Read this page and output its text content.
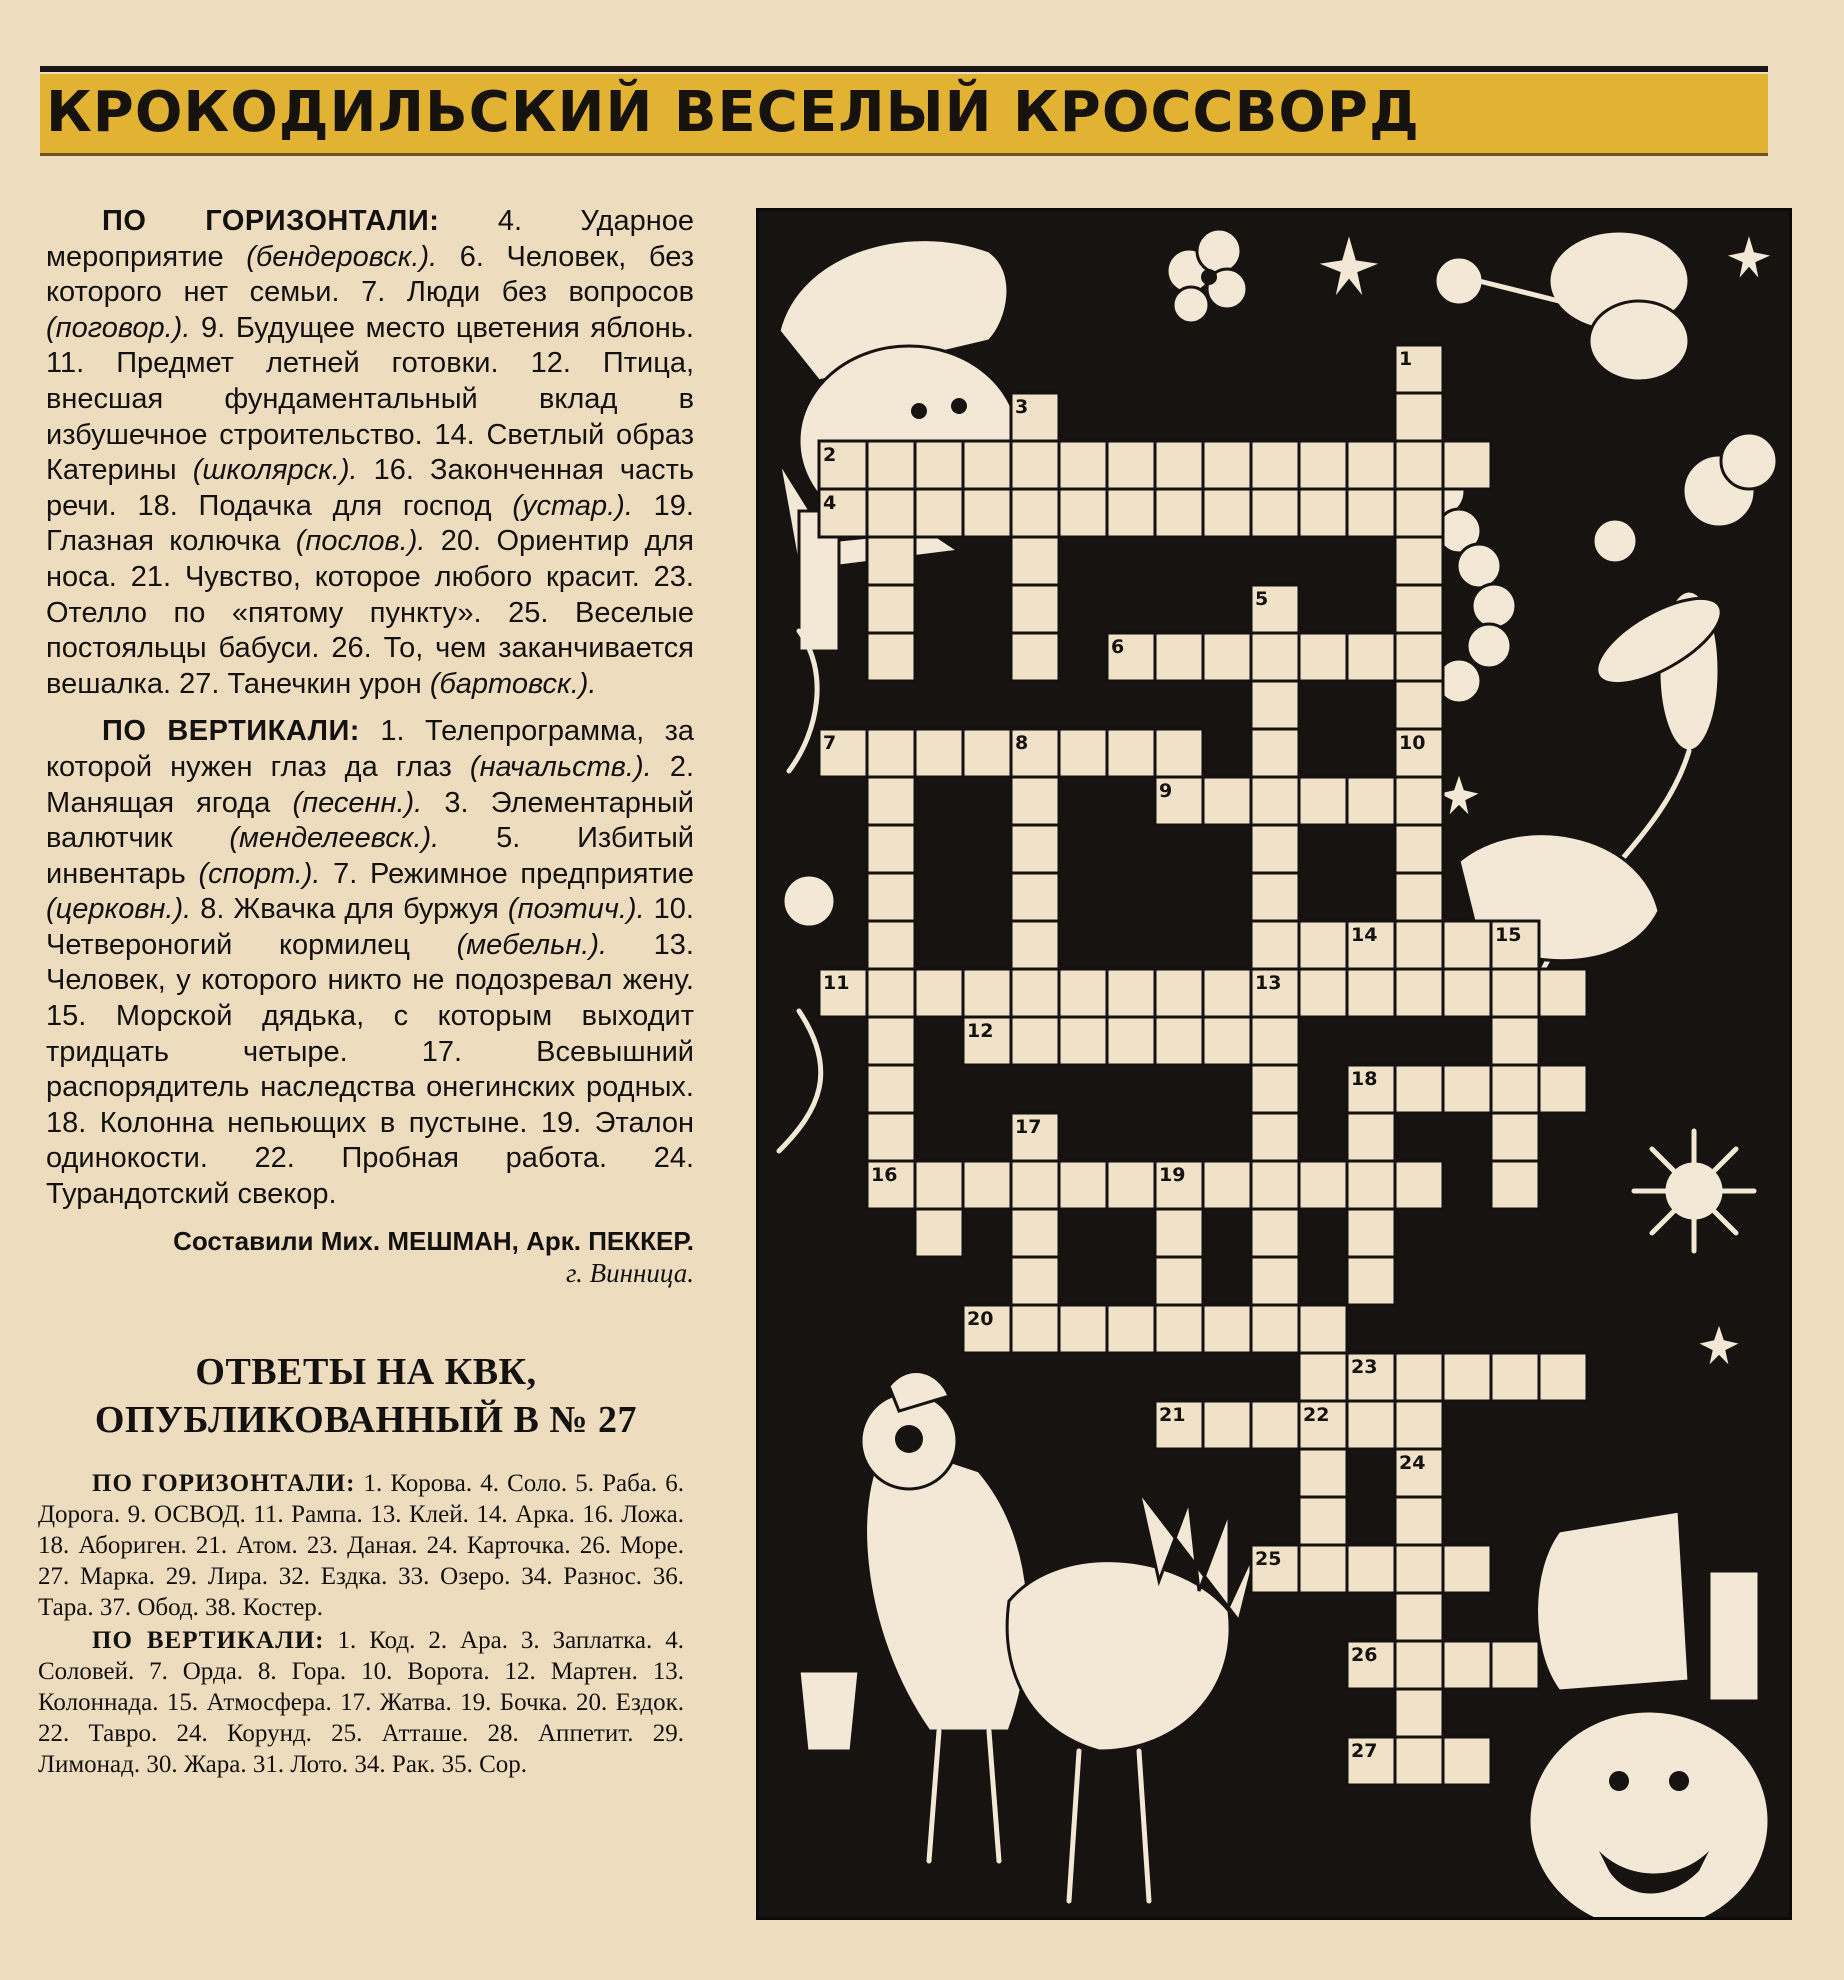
КРОКОДИЛЬСКИЙ ВЕСЕЛЫЙ КРОССВОРД

ПО ГОРИЗОНТАЛИ: 4. Ударное мероприятие (бендеровск.). 6. Человек, без которого нет семьи. 7. Люди без вопросов (поговор.). 9. Будущее место цветения яблонь. 11. Предмет летней готовки. 12. Птица, внесшая фундаментальный вклад в избушечное строительство. 14. Светлый образ Катерины (школярск.). 16. Законченная часть речи. 18. Подачка для господ (устар.). 19. Глазная колючка (послов.). 20. Ориентир для носа. 21. Чувство, которое любого красит. 23. Отелло по «пятому пункту». 25. Веселые постояльцы бабуси. 26. То, чем заканчивается вешалка. 27. Танечкин урон (бартовск.).

ПО ВЕРТИКАЛИ: 1. Телепрограмма, за которой нужен глаз да глаз (начальств.). 2. Манящая ягода (песенн.). 3. Элементарный валютчик (менделеевск.). 5. Избитый инвентарь (спорт.). 7. Режимное предприятие (церковн.). 8. Жвачка для буржуя (поэтич.). 10. Четвероногий кормилец (мебельн.). 13. Человек, у которого никто не подозревал жену. 15. Морской дядька, с которым выходит тридцать четыре.	17.	Всевышний распорядитель наследства онегинских родных. 18. Колонна непьющих в пустыне. 19. Эталон одинокости. 22. Пробная работа. 24. Турандотский свекор.

Составили Мих. МЕШМАН, Арк. ПЕККЕР.
г. Винница.
ОТВЕТЫ НА КВК,
ОПУБЛИКОВАННЫЙ В № 27

ПО ГОРИЗОНТАЛИ: 1. Корова. 4. Соло. 5. Раба. 6. Дорога. 9. ОСВОД. 11. Рампа. 13. Клей. 14. Арка. 16. Ложа. 18. Абориген. 21. Атом. 23. Даная. 24. Карточка. 26. Море. 27. Марка. 29. Лира. 32. Ездка. 33. Озеро. 34. Разнос. 36. Тара. 37. Обод. 38. Костер.

ПО ВЕРТИКАЛИ: 1. Код. 2. Ара. 3. Заплатка. 4. Соловей. 7. Орда. 8. Гора. 10. Ворота. 12. Мартен. 13. Колоннада. 15. Атмосфера. 17. Жатва. 19. Бочка. 20. Ездок. 22. Тавро. 24. Корунд. 25. Атташе. 28. Аппетит. 29. Лимонад. 30. Жара. 31. Лото. 34. Рак. 35. Сор.

1
2
3
4
5
6
7	8
9
10
11
12
13
14	15
16
17
18
19
20
21	22
23
24
25
26
27
